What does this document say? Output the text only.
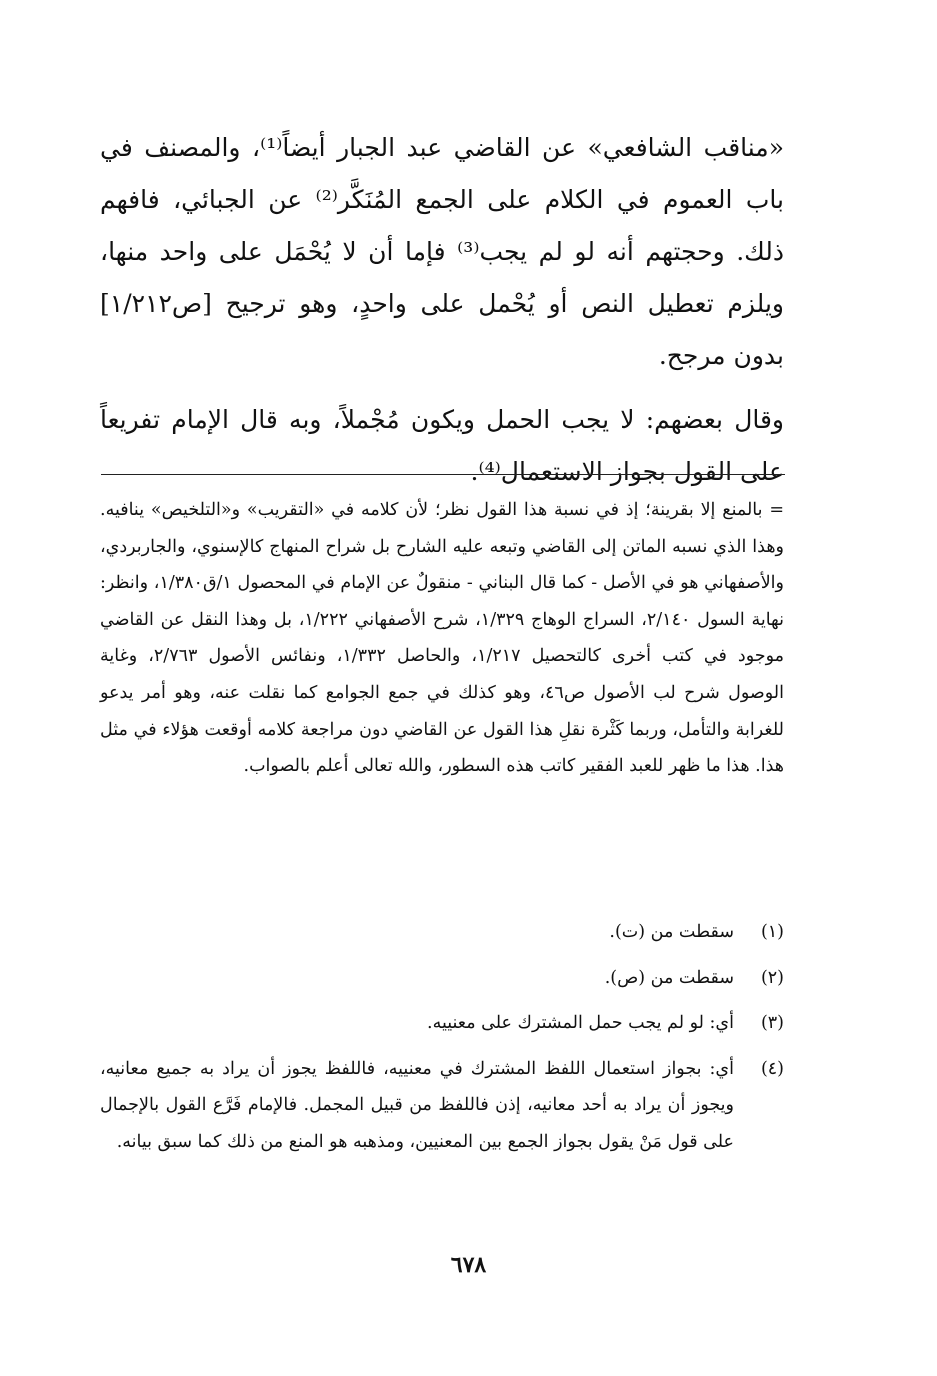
«مناقب الشافعي» عن القاضي عبد الجبار أيضاً⁽¹⁾، والمصنف في باب العموم في الكلام على الجمع المُنَكَّر⁽²⁾ عن الجبائي، فافهم ذلك. وحجتهم أنه لو لم يجب⁽³⁾ فإما أن لا يُحْمَل على واحد منها، ويلزم تعطيل النص أو يُحْمل على واحدٍ، وهو ترجيح [ص١/٢١٢] بدون مرجح.

وقال بعضهم: لا يجب الحمل ويكون مُجْملاً، وبه قال الإمام تفريعاً على القول بجواز الاستعمال⁽⁴⁾.

= بالمنع إلا بقرينة؛ إذ في نسبة هذا القول نظر؛ لأن كلامه في «التقريب» و«التلخيص» ينافيه. وهذا الذي نسبه الماتن إلى القاضي وتبعه عليه الشارح بل شراح المنهاج كالإسنوي، والجاربردي، والأصفهاني هو في الأصل - كما قال البناني - منقولٌ عن الإمام في المحصول ١/ق١/٣٨٠، وانظر: نهاية السول ٢/١٤٠، السراج الوهاج ١/٣٢٩، شرح الأصفهاني ١/٢٢٢، بل وهذا النقل عن القاضي موجود في كتب أخرى كالتحصيل ١/٢١٧، والحاصل ١/٣٣٢، ونفائس الأصول ٢/٧٦٣، وغاية الوصول شرح لب الأصول ص٤٦، وهو كذلك في جمع الجوامع كما نقلت عنه، وهو أمر يدعو للغرابة والتأمل، وربما كَثْرة نقلِ هذا القول عن القاضي دون مراجعة كلامه أوقعت هؤلاء في مثل هذا. هذا ما ظهر للعبد الفقير كاتب هذه السطور، والله تعالى أعلم بالصواب.

(١)
سقطت من (ت).
(٢)
سقطت من (ص).
(٣)
أي: لو لم يجب حمل المشترك على معنييه.
(٤)
أي: بجواز استعمال اللفظ المشترك في معنييه، فاللفظ يجوز أن يراد به جميع معانيه، ويجوز أن يراد به أحد معانيه، إذن فاللفظ من قبيل المجمل. فالإمام فَرَّع القول بالإجمال على قول مَنْ يقول بجواز الجمع بين المعنيين، ومذهبه هو المنع من ذلك كما سبق بيانه.
٦٧٨
